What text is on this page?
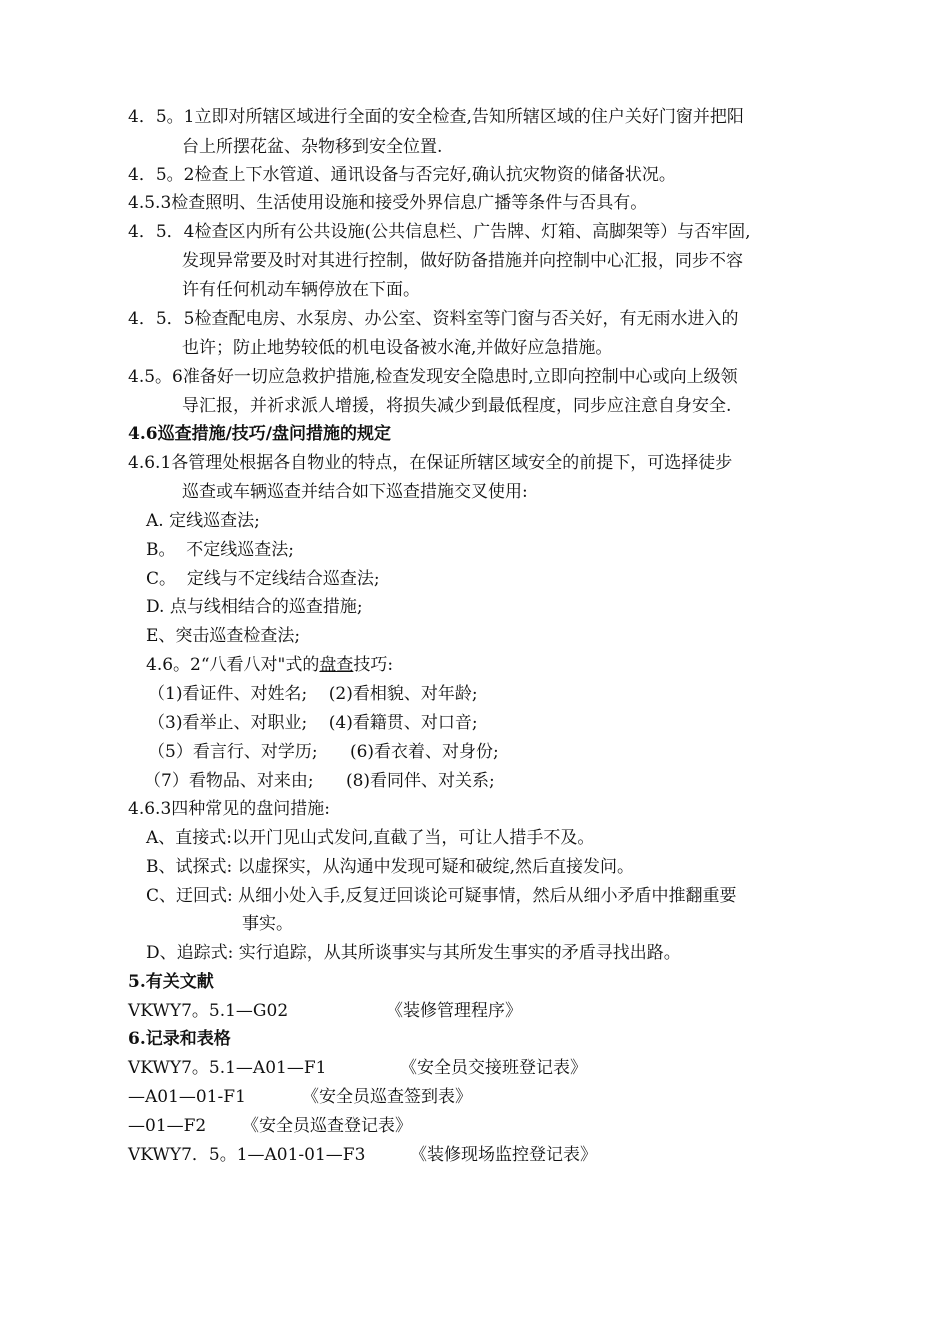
4．5。1立即对所辖区域进行全面的安全检查,告知所辖区域的住户关好门窗并把阳
台上所摆花盆、杂物移到安全位置.
4．5。2检查上下水管道、通讯设备与否完好,确认抗灾物资的储备状况。
4.5.3检查照明、生活使用设施和接受外界信息广播等条件与否具有。
4．5．4检查区内所有公共设施(公共信息栏、广告牌、灯箱、高脚架等）与否牢固,
发现异常要及时对其进行控制，做好防备措施并向控制中心汇报，同步不容
许有任何机动车辆停放在下面。
4．5．5检查配电房、水泵房、办公室、资料室等门窗与否关好，有无雨水进入的
也许；防止地势较低的机电设备被水淹,并做好应急措施。
4.5。6准备好一切应急救护措施,检查发现安全隐患时,立即向控制中心或向上级领
导汇报，并祈求派人增援，将损失减少到最低程度，同步应注意自身安全.
4.6巡查措施/技巧/盘问措施的规定
4.6.1各管理处根据各自物业的特点，在保证所辖区域安全的前提下，可选择徒步
巡查或车辆巡查并结合如下巡查措施交叉使用:
A. 定线巡查法;
B。  不定线巡查法;
C。  定线与不定线结合巡查法;
D. 点与线相结合的巡查措施;
E、突击巡查检查法;
4.6。2“八看八对"式的盘查技巧:
（1)看证件、对姓名;    (2)看相貌、对年龄;
（3)看举止、对职业;    (4)看籍贯、对口音;
（5）看言行、对学历;      (6)看衣着、对身份;
（7）看物品、对来由;      (8)看同伴、对关系;
4.6.3四种常见的盘问措施:
A、直接式:以开门见山式发问,直截了当，可让人措手不及。
B、试探式: 以虚探实，从沟通中发现可疑和破绽,然后直接发问。
C、迂回式: 从细小处入手,反复迂回谈论可疑事情，然后从细小矛盾中推翻重要
事实。
D、追踪式: 实行追踪，从其所谈事实与其所发生事实的矛盾寻找出路。
5.有关文献
VKWY7。5.1—G02	《装修管理程序》
6.记录和表格
VKWY7。5.1—A01—F1	《安全员交接班登记表》
—A01—01-F1	《安全员巡查签到表》
—01—F2 《安全员巡查登记表》
VKWY7．5。1—A01-01—F3	《装修现场监控登记表》
